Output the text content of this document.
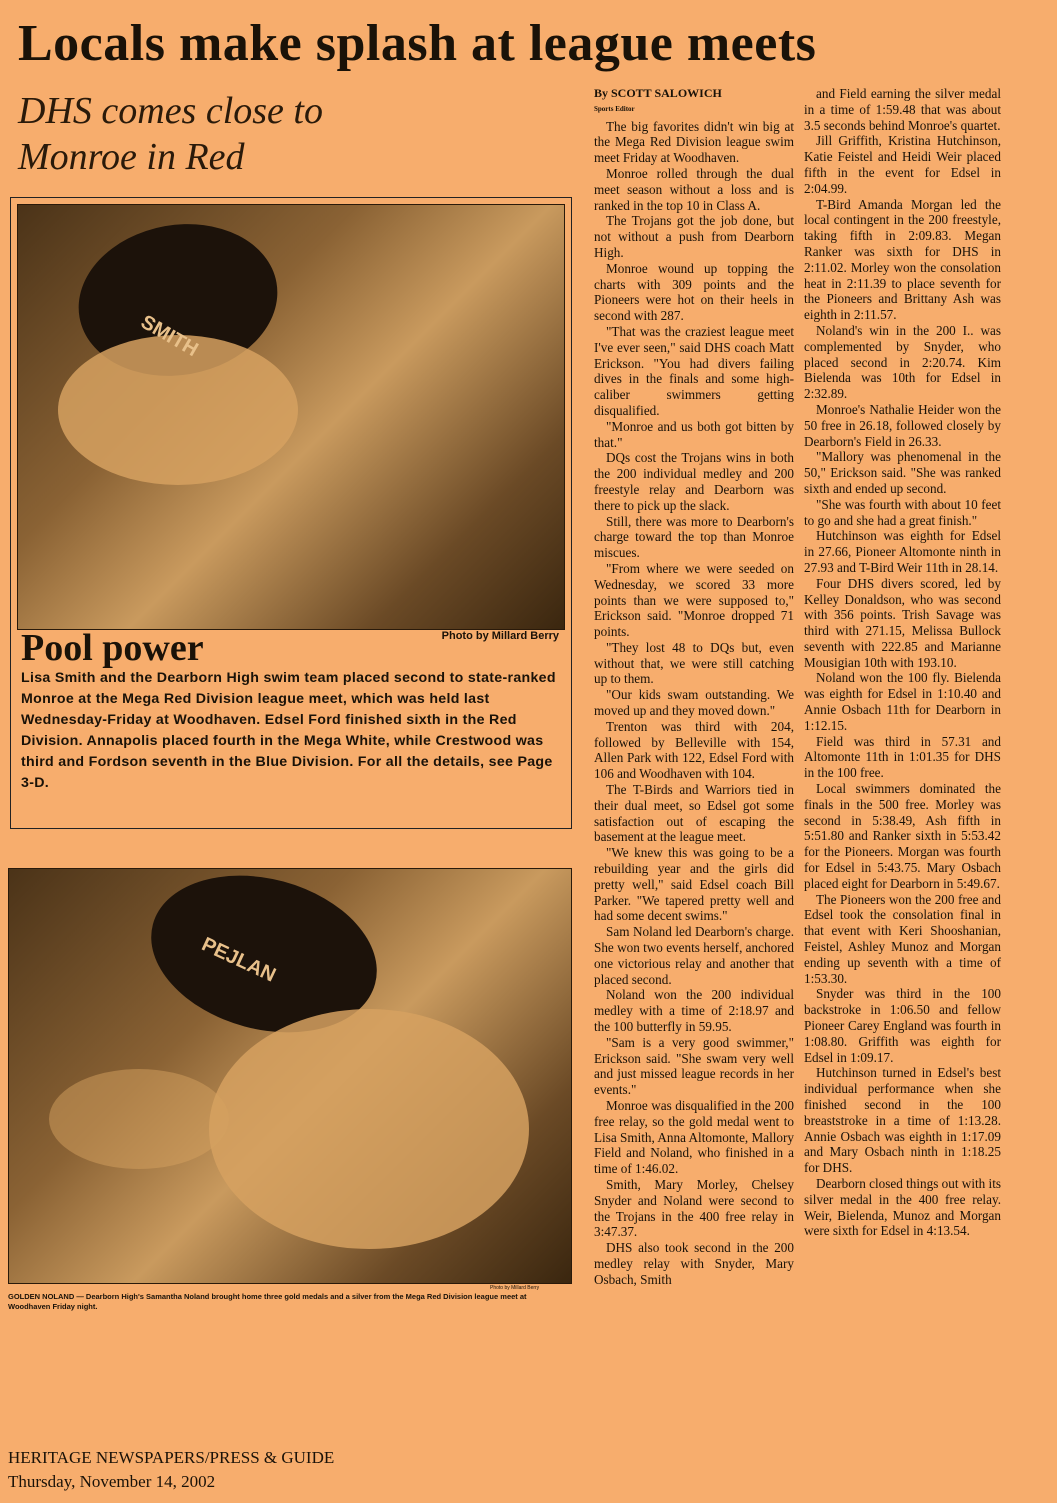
Locals make splash at league meets
DHS comes close to Monroe in Red
SMITH
Pool power	Photo by Millard Berry
Lisa Smith and the Dearborn High swim team placed second to state-ranked Monroe at the Mega Red Division league meet, which was held last Wednesday-Friday at Woodhaven. Edsel Ford finished sixth in the Red Division. Annapolis placed fourth in the Mega White, while Crestwood was third and Fordson seventh in the Blue Division. For all the details, see Page 3-D.
PEJLAN
Photo by Millard Berry
GOLDEN NOLAND — Dearborn High's Samantha Noland brought home three gold medals and a silver from the Mega Red Division league meet at Woodhaven Friday night.

By SCOTT SALOWICH

Sports Editor

The big favorites didn't win big at the Mega Red Division league swim meet Friday at Woodhaven.

Monroe rolled through the dual meet season without a loss and is ranked in the top 10 in Class A.

The Trojans got the job done, but not without a push from Dearborn High.

Monroe wound up topping the charts with 309 points and the Pioneers were hot on their heels in second with 287.

"That was the craziest league meet I've ever seen," said DHS coach Matt Erickson. "You had divers failing dives in the finals and some high-caliber swimmers getting disqualified.

"Monroe and us both got bitten by that."

DQs cost the Trojans wins in both the 200 individual medley and 200 freestyle relay and Dearborn was there to pick up the slack.

Still, there was more to Dearborn's charge toward the top than Monroe miscues.

"From where we were seeded on Wednesday, we scored 33 more points than we were supposed to," Erickson said. "Monroe dropped 71 points.

"They lost 48 to DQs but, even without that, we were still catching up to them.

"Our kids swam outstanding. We moved up and they moved down."

Trenton was third with 204, followed by Belleville with 154, Allen Park with 122, Edsel Ford with 106 and Woodhaven with 104.

The T-Birds and Warriors tied in their dual meet, so Edsel got some satisfaction out of escaping the basement at the league meet.

"We knew this was going to be a rebuilding year and the girls did pretty well," said Edsel coach Bill Parker. "We tapered pretty well and had some decent swims."

Sam Noland led Dearborn's charge. She won two events herself, anchored one victorious relay and another that placed second.

Noland won the 200 individual medley with a time of 2:18.97 and the 100 butterfly in 59.95.

"Sam is a very good swimmer," Erickson said. "She swam very well and just missed league records in her events."

Monroe was disqualified in the 200 free relay, so the gold medal went to Lisa Smith, Anna Altomonte, Mallory Field and Noland, who finished in a time of 1:46.02.

Smith, Mary Morley, Chelsey Snyder and Noland were second to the Trojans in the 400 free relay in 3:47.37.

DHS also took second in the 200 medley relay with Snyder, Mary Osbach, Smith

and Field earning the silver medal in a time of 1:59.48 that was about 3.5 seconds behind Monroe's quartet.

Jill Griffith, Kristina Hutchinson, Katie Feistel and Heidi Weir placed fifth in the event for Edsel in 2:04.99.

T-Bird Amanda Morgan led the local contingent in the 200 freestyle, taking fifth in 2:09.83. Megan Ranker was sixth for DHS in 2:11.02. Morley won the consolation heat in 2:11.39 to place seventh for the Pioneers and Brittany Ash was eighth in 2:11.57.

Noland's win in the 200 I.. was complemented by Snyder, who placed second in 2:20.74. Kim Bielenda was 10th for Edsel in 2:32.89.

Monroe's Nathalie Heider won the 50 free in 26.18, followed closely by Dearborn's Field in 26.33.

"Mallory was phenomenal in the 50," Erickson said. "She was ranked sixth and ended up second.

"She was fourth with about 10 feet to go and she had a great finish."

Hutchinson was eighth for Edsel in 27.66, Pioneer Altomonte ninth in 27.93 and T-Bird Weir 11th in 28.14.

Four DHS divers scored, led by Kelley Donaldson, who was second with 356 points. Trish Savage was third with 271.15, Melissa Bullock seventh with 222.85 and Marianne Mousigian 10th with 193.10.

Noland won the 100 fly. Bielenda was eighth for Edsel in 1:10.40 and Annie Osbach 11th for Dearborn in 1:12.15.

Field was third in 57.31 and Altomonte 11th in 1:01.35 for DHS in the 100 free.

Local swimmers dominated the finals in the 500 free. Morley was second in 5:38.49, Ash fifth in 5:51.80 and Ranker sixth in 5:53.42 for the Pioneers. Morgan was fourth for Edsel in 5:43.75. Mary Osbach placed eight for Dearborn in 5:49.67.

The Pioneers won the 200 free and Edsel took the consolation final in that event with Keri Shooshanian, Feistel, Ashley Munoz and Morgan ending up seventh with a time of 1:53.30.

Snyder was third in the 100 backstroke in 1:06.50 and fellow Pioneer Carey England was fourth in 1:08.80. Griffith was eighth for Edsel in 1:09.17.

Hutchinson turned in Edsel's best individual performance when she finished second in the 100 breaststroke in a time of 1:13.28. Annie Osbach was eighth in 1:17.09 and Mary Osbach ninth in 1:18.25 for DHS.

Dearborn closed things out with its silver medal in the 400 free relay. Weir, Bielenda, Munoz and Morgan were sixth for Edsel in 4:13.54.

HERITAGE NEWSPAPERS/PRESS & GUIDE
Thursday, November 14, 2002
